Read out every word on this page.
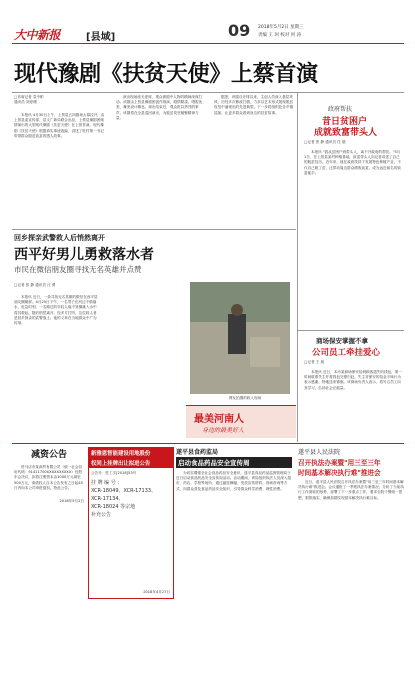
大中新报	[县域]	09 2018年5月2日 星期三
责编 王 珂 校对 何 涛
现代豫剧《扶贫天使》上蔡首演
□首席记者 袁中彬
通讯员 刘爱珊

本报讯 4月30日上午，上蔡县五四剧场大幕拉开，由上蔡县委宣传部、县文广新局联合出品，上蔡县豫剧团倾情演出的大型现代豫剧《扶贫天使》在上蔡首演。现代豫剧《扶贫天使》根据真实事迹改编，讲述了驻村第一书记带领群众脱贫致富的感人故事。

演出现场座无虚席，观众被剧中人物的精神深深打动。该剧由上蔡县豫剧团创作排演，剧情紧凑，唱腔优美，舞美设计精良。演出结束后，观众报以热烈的掌声。该剧将在全县巡回演出，为脱贫攻坚凝聚精神力量。

据悉，该剧自开排以来，主创人员深入基层采风，历经多次修改打磨，力求以艺术形式展现脱贫攻坚中涌现出的先进典型。下一步将组织赴各乡镇巡演，让更多群众看到身边的扶贫故事。	政府帮扶
昔日贫困户
成就致富带头人
□记者 张 静 通讯员 任 瑞

本报讯 "我从贫困户到带头人，离不开政府的帮扶。"5月1日，在上蔡县某村种植基地，致富带头人向记者讲述了自己的脱贫经历。近年来，他在政府扶持下发展特色种植产业，不仅自己脱了贫，还带动周边群众增收致富，成为远近闻名的致富能手。

回乡探亲武警救人后悄然离开
西平好男儿勇救落水者
市民在微信朋友圈寻找无名英雄并点赞
□记者 张 静 通讯员 汪 勇

本报讯 近日，一条寻找无名英雄的微信在西平县朋友圈刷屏。4月20日下午，一名男子在河边不慎落水，危急时刻，一名路过的年轻人毫不犹豫跳入水中将其救起，随后悄然离开。经多方打听，这位救人者是回乡探亲的武警战士。他的义举在当地群众中广为传颂。

网友拍摄的救人现场
最美河南人
身边的最美好人
商场保安掌握不拿
公司员工牵挂爱心
□记者 王 迪

本报讯 近日，本市某商场保安拾到顾客遗失的钱包，第一时间联系失主并将钱包完璧归赵。失主对保安的拾金不昧行为表示感谢，特地送来锦旗。该商场负责人表示，将号召员工向其学习，弘扬社会正能量。

减资公告

驻马店市某商贸有限公司（统一社会信用代码：91411700XXXXXXXXXX）经股东会决议，拟将注册资本由1000万元减至500万元，请债权人自本公告发布之日起45日内向本公司申报债权。特此公告。

2018年5月2日
新雅恩智能建设用地股份
权同上挂牌出让拟进公告
公告号：驻工字[2018]53号
挂 牌 编 号 ：
XCR-18049、XCR-17133、
XCR-17134、
XCR-18024 等宗地
补充公告
2018年4月27日
遂平县食药监局
启动食品药品安全宣传周

为切实增强全社会食品药品安全意识，遂平县食品药品监督管理局于近日启动食品药品安全宣传周活动。活动期间，该局组织执法人员深入超市、药店、学校等场所，通过悬挂横幅、发放宣传资料、现场咨询等方式，向群众普及食品药品安全知识，引导群众科学消费、理性消费。

遂平县人民法院
召开执法办案暨"用三至三年
时间基本解决执行难"推进会

近日，遂平县人民法院召开执法办案暨"用三至三年时间基本解决执行难"推进会。会议通报了一季度执法办案情况，分析了当前执行工作面临的形势，部署了下一步重点工作，要求全院干警统一思想，狠抓落实，确保如期实现基本解决执行难目标。
